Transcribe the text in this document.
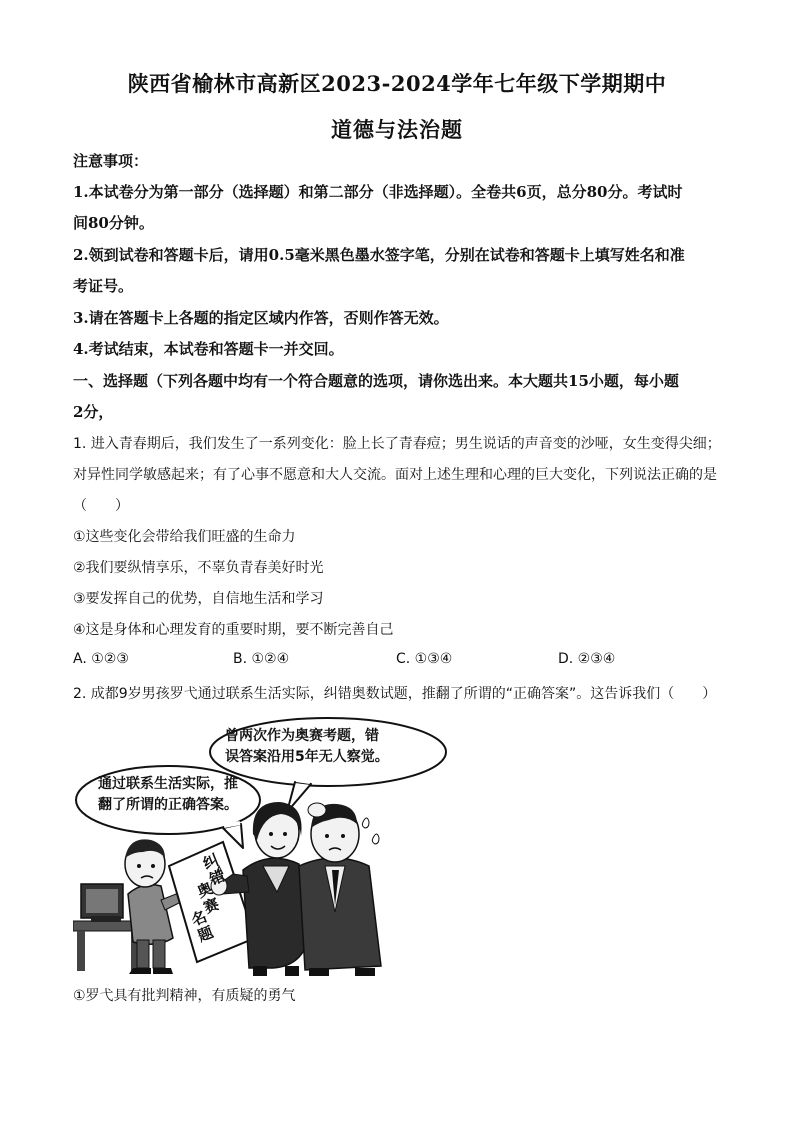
陕西省榆林市高新区2023-2024学年七年级下学期期中
道德与法治题
注意事项：
1.本试卷分为第一部分（选择题）和第二部分（非选择题）。全卷共6页，总分80分。考试时
间80分钟。
2.领到试卷和答题卡后，请用0.5毫米黑色墨水签字笔，分别在试卷和答题卡上填写姓名和准
考证号。
3.请在答题卡上各题的指定区域内作答，否则作答无效。
4.考试结束，本试卷和答题卡一并交回。
一、选择题（下列各题中均有一个符合题意的选项，请你选出来。本大题共15小题，每小题
2分，
1. 进入青春期后，我们发生了一系列变化：脸上长了青春痘；男生说话的声音变的沙哑，女生变得尖细；
对异性同学敏感起来；有了心事不愿意和大人交流。面对上述生理和心理的巨大变化，下列说法正确的是
（　　）
①这些变化会带给我们旺盛的生命力
②我们要纵情享乐，不辜负青春美好时光
③要发挥自己的优势，自信地生活和学习
④这是身体和心理发育的重要时期，要不断完善自己
A. ①②③	B. ①②④	C. ①③④	D. ②③④
2. 成都9岁男孩罗弋通过联系生活实际，纠错奥数试题，推翻了所谓的“正确答案”。这告诉我们（　　）
曾两次作为奥赛考题，错
误答案沿用5年无人察觉。
通过联系生活实际，推
翻了所谓的正确答案。
纠错
奥赛
名题
①罗弋具有批判精神，有质疑的勇气
